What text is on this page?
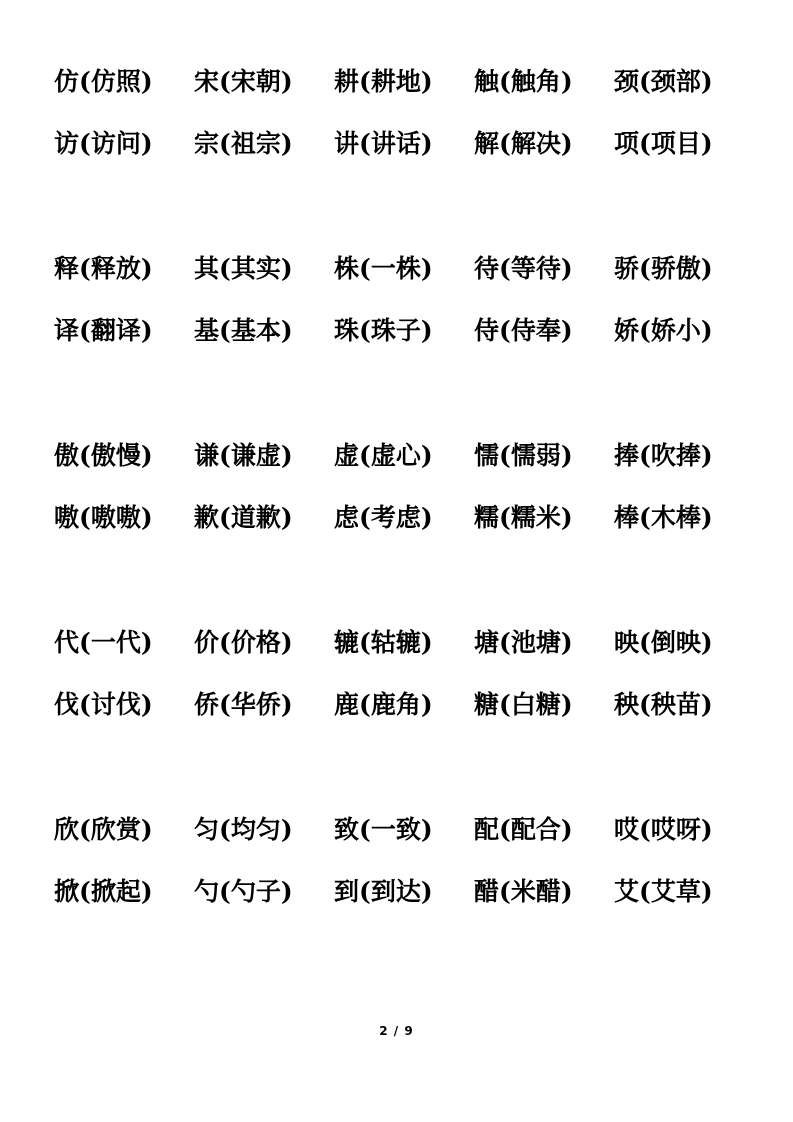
仿(仿照)	宋(宋朝)	耕(耕地)	触(触角)	颈(颈部)
访(访问)	宗(祖宗)	讲(讲话)	解(解决)	项(项目)
释(释放)	其(其实)	株(一株)	待(等待)	骄(骄傲)
译(翻译)	基(基本)	珠(珠子)	侍(侍奉)	娇(娇小)
傲(傲慢)	谦(谦虚)	虚(虚心)	懦(懦弱)	捧(吹捧)
嗷(嗷嗷)	歉(道歉)	虑(考虑)	糯(糯米)	棒(木棒)
代(一代)	价(价格)	辘(轱辘)	塘(池塘)	映(倒映)
伐(讨伐)	侨(华侨)	鹿(鹿角)	糖(白糖)	秧(秧苗)
欣(欣赏)	匀(均匀)	致(一致)	配(配合)	哎(哎呀)
掀(掀起)	勺(勺子)	到(到达)	醋(米醋)	艾(艾草)
2 / 9
